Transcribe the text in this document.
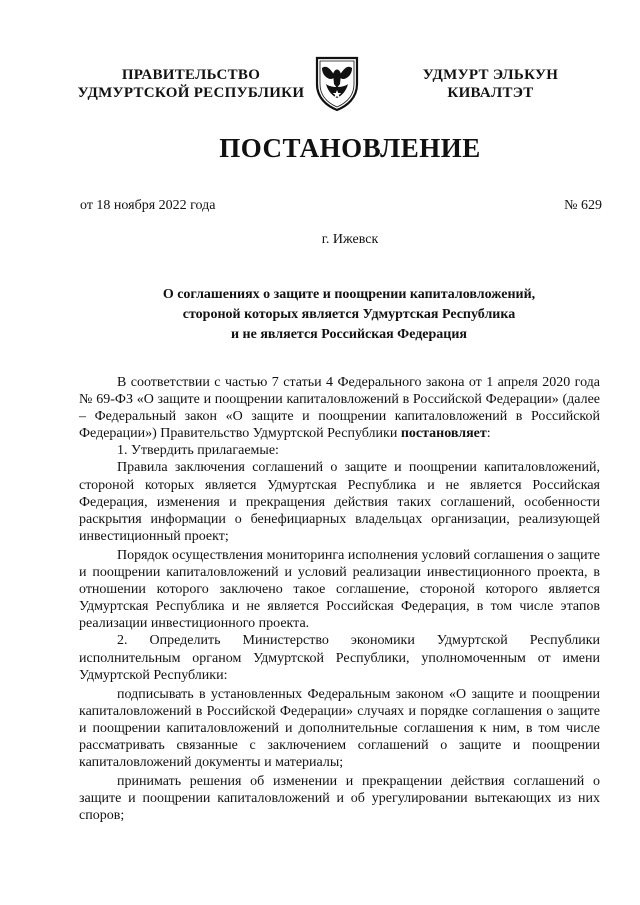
ПРАВИТЕЛЬСТВО
УДМУРТСКОЙ РЕСПУБЛИКИ
УДМУРТ ЭЛЬКУН
КИВАЛТЭТ
ПОСТАНОВЛЕНИЕ
от 18 ноября 2022 года	№ 629
г. Ижевск
О соглашениях о защите и поощрении капиталовложений,
стороной которых является Удмуртская Республика
и не является Российская Федерация

В соответствии с частью 7 статьи 4 Федерального закона от 1 апреля 2020 года № 69-ФЗ «О защите и поощрении капиталовложений в Российской Федерации» (далее – Федеральный закон «О защите и поощрении капиталовложений в Российской Федерации») Правительство Удмуртской Республики постановляет:

1. Утвердить прилагаемые:

Правила заключения соглашений о защите и поощрении капиталовложений, стороной которых является Удмуртская Республика и не является Российская Федерация, изменения и прекращения действия таких соглашений, особенности раскрытия информации о бенефициарных владельцах организации, реализующей инвестиционный проект;

Порядок осуществления мониторинга исполнения условий соглашения о защите и поощрении капиталовложений и условий реализации инвестиционного проекта, в отношении которого заключено такое соглашение, стороной которого является Удмуртская Республика и не является Российская Федерация, в том числе этапов реализации инвестиционного проекта.

2. Определить Министерство экономики Удмуртской Республики исполнительным органом Удмуртской Республики, уполномоченным от имени Удмуртской Республики:

подписывать в установленных Федеральным законом «О защите и поощрении капиталовложений в Российской Федерации» случаях и порядке соглашения о защите и поощрении капиталовложений и дополнительные соглашения к ним, в том числе рассматривать связанные с заключением соглашений о защите и поощрении капиталовложений документы и материалы;

принимать решения об изменении и прекращении действия соглашений о защите и поощрении капиталовложений и об урегулировании вытекающих из них споров;
